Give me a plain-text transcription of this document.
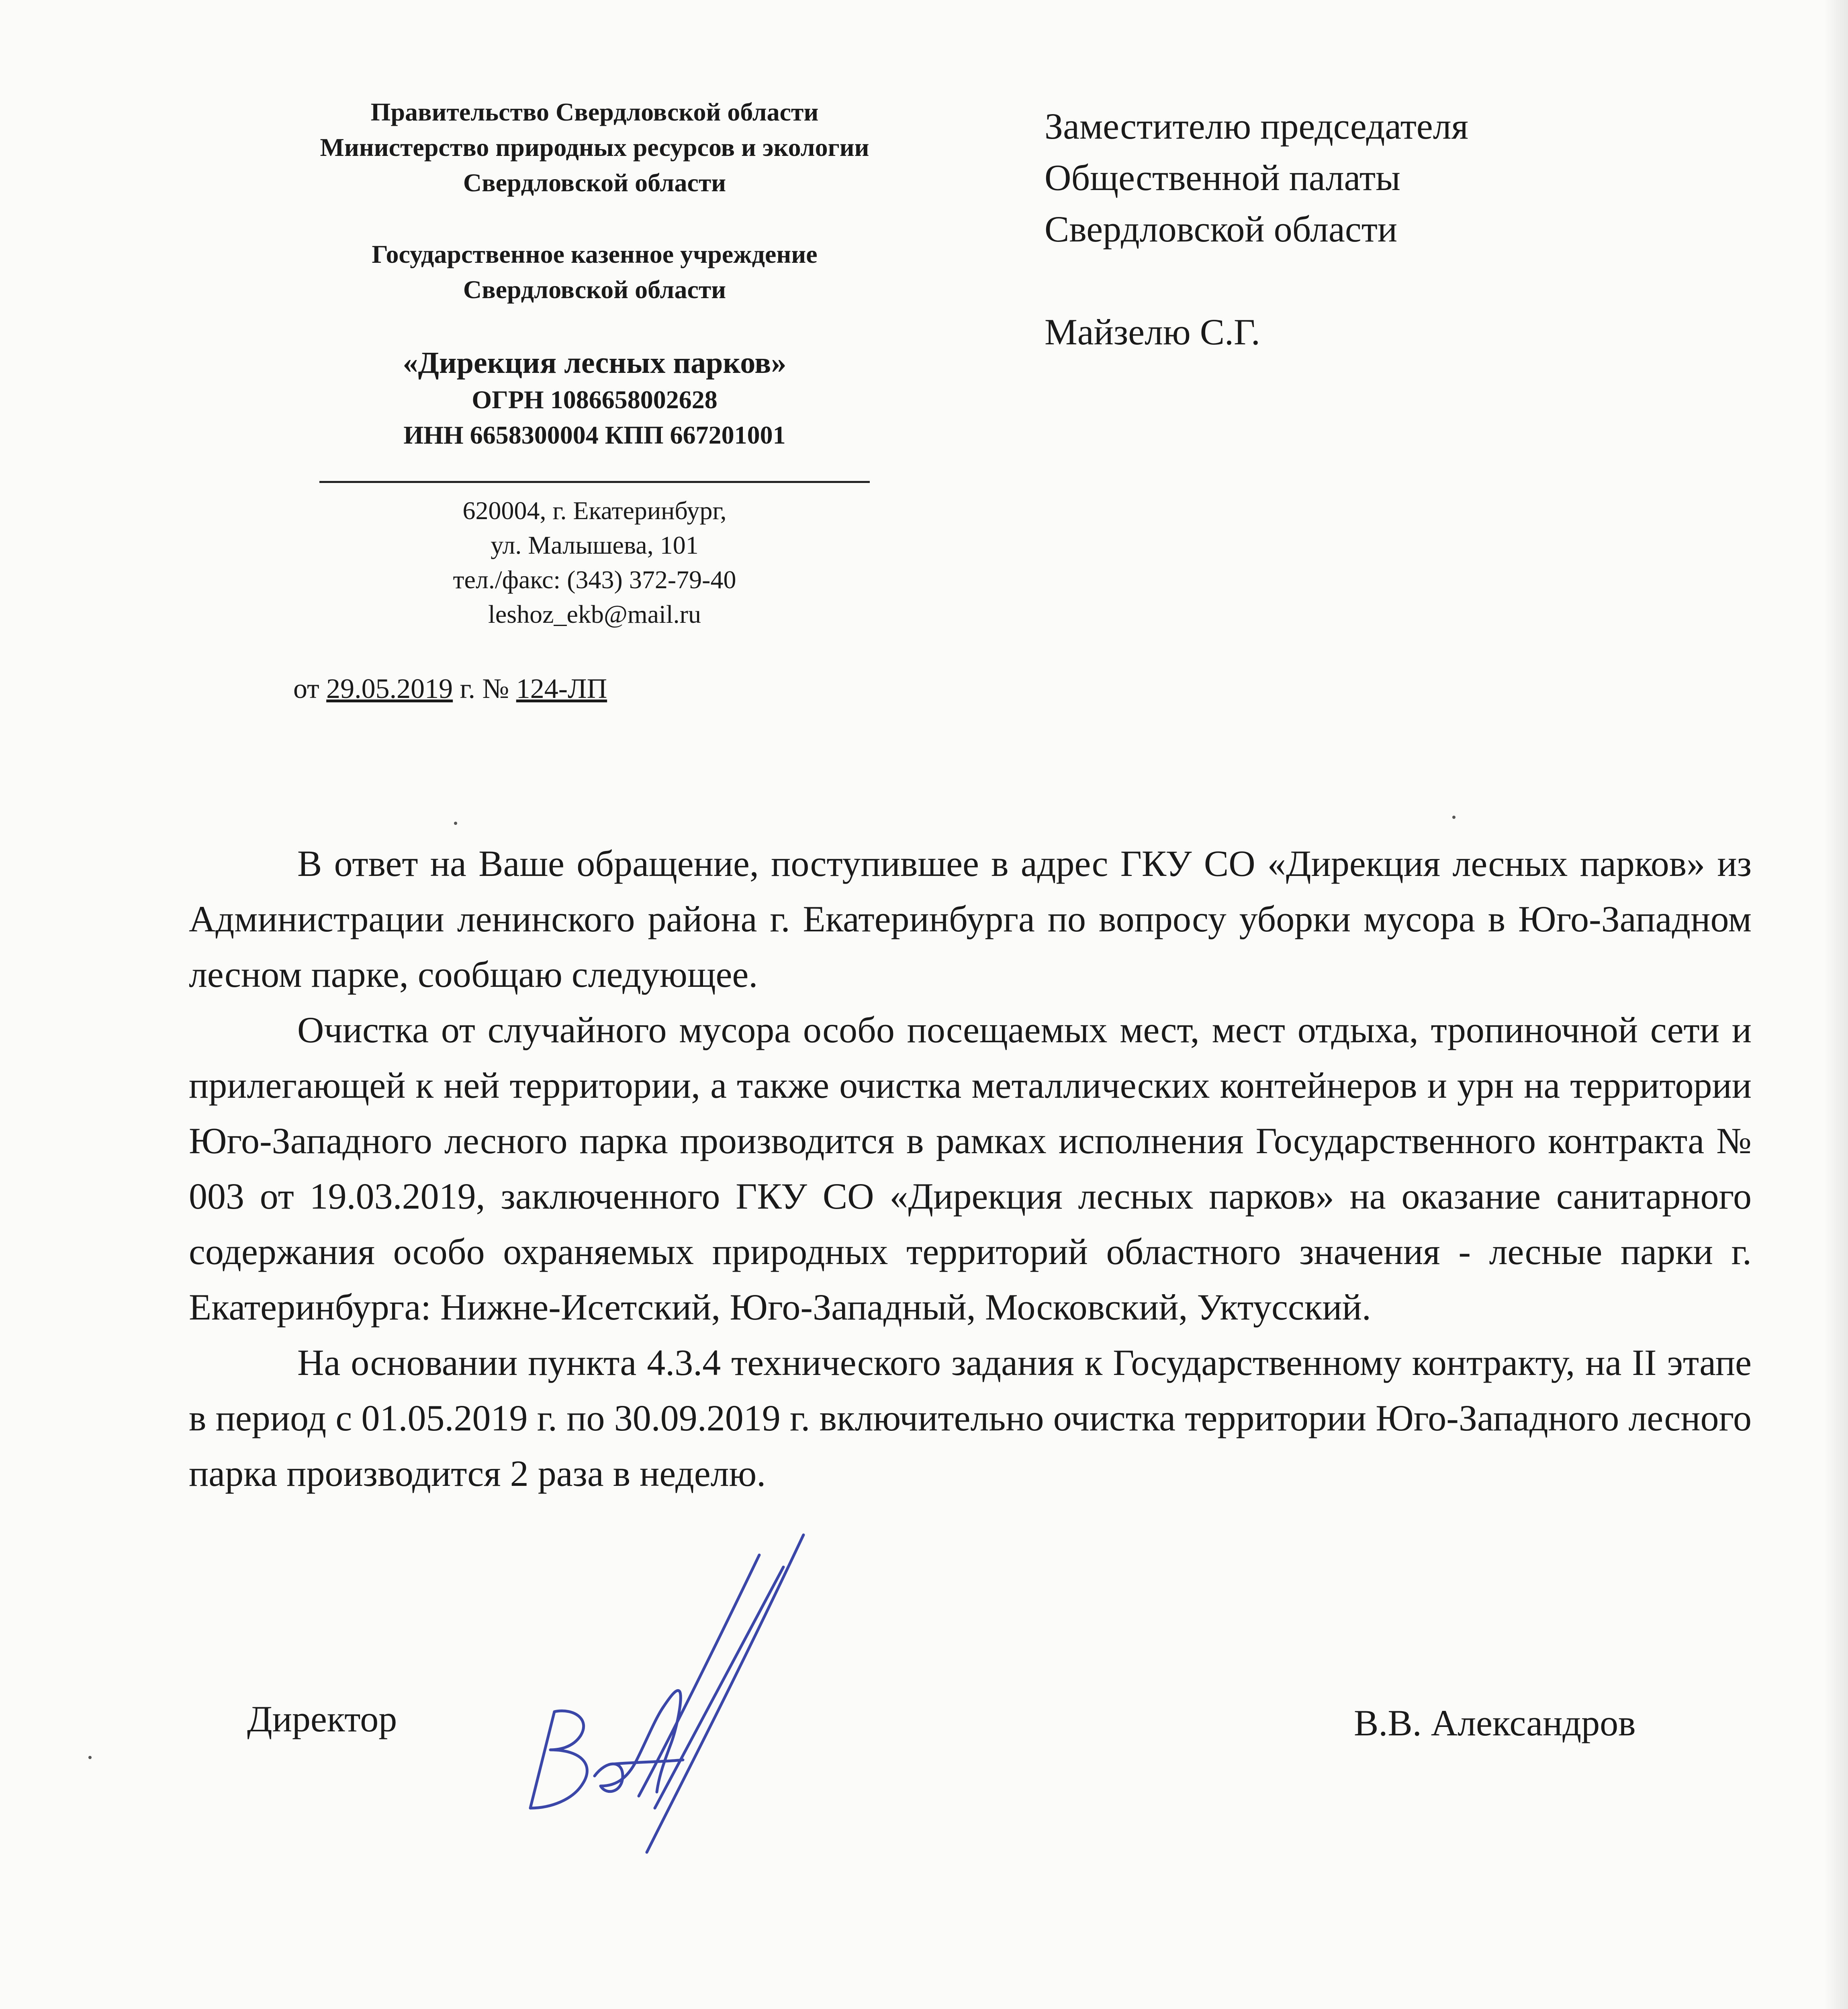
Правительство Свердловской области
Министерство природных ресурсов и экологии
Свердловской области
Государственное казенное учреждение
Свердловской области
«Дирекция лесных парков»
ОГРН 1086658002628
ИНН 6658300004 КПП 667201001
620004, г. Екатеринбург,
ул. Малышева, 101
тел./факс: (343) 372-79-40
leshoz_ekb@mail.ru
от 29.05.2019 г. № 124-ЛП
Заместителю председателя
Общественной палаты
Свердловской области
Майзелю С.Г.

В ответ на Ваше обращение, поступившее в адрес ГКУ СО «Дирекция лесных парков» из Администрации ленинского района г. Екатеринбурга по вопросу уборки мусора в Юго-Западном лесном парке, сообщаю следующее.

Очистка от случайного мусора особо посещаемых мест, мест отдыха, тропиночной сети и прилегающей к ней территории, а также очистка металлических контейнеров и урн на территории Юго-Западного лесного парка производится в рамках исполнения Государственного контракта № 003 от 19.03.2019, заключенного ГКУ СО «Дирекция лесных парков» на оказание санитарного содержания особо охраняемых природных территорий областного значения - лесные парки г. Екатеринбурга: Нижне-Исетский, Юго-Западный, Московский, Уктусский.

На основании пункта 4.3.4 технического задания к Государственному контракту, на II этапе в период с 01.05.2019 г. по 30.09.2019 г. включительно очистка территории Юго-Западного лесного парка производится 2 раза в неделю.

Директор	В.В. Александров
